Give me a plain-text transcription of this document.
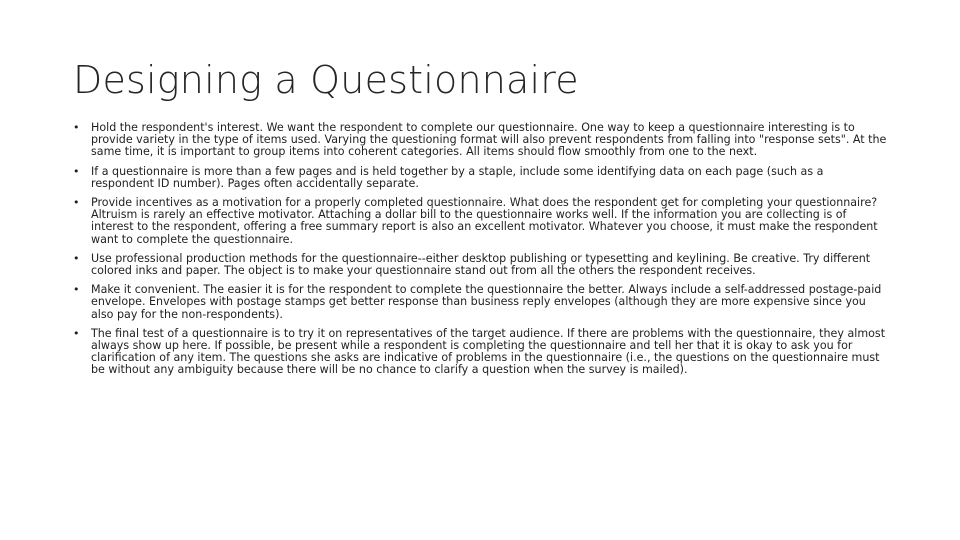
Designing a Questionnaire
• Hold the respondent's interest. We want the respondent to complete our questionnaire. One way to keep a questionnaire interesting is to provide variety in the type of items used. Varying the questioning format will also prevent respondents from falling into "response sets". At the same time, it is important to group items into coherent categories. All items should flow smoothly from one to the next.
• If a questionnaire is more than a few pages and is held together by a staple, include some identifying data on each page (such as a respondent ID number). Pages often accidentally separate.
• Provide incentives as a motivation for a properly completed questionnaire. What does the respondent get for completing your questionnaire? Altruism is rarely an effective motivator. Attaching a dollar bill to the questionnaire works well. If the information you are collecting is of interest to the respondent, offering a free summary report is also an excellent motivator. Whatever you choose, it must make the respondent want to complete the questionnaire.
• Use professional production methods for the questionnaire--either desktop publishing or typesetting and keylining. Be creative. Try different colored inks and paper. The object is to make your questionnaire stand out from all the others the respondent receives.
• Make it convenient. The easier it is for the respondent to complete the questionnaire the better. Always include a self-addressed postage-paid envelope. Envelopes with postage stamps get better response than business reply envelopes (although they are more expensive since you also pay for the non-respondents).
• The final test of a questionnaire is to try it on representatives of the target audience. If there are problems with the questionnaire, they almost always show up here. If possible, be present while a respondent is completing the questionnaire and tell her that it is okay to ask you for clarification of any item. The questions she asks are indicative of problems in the questionnaire (i.e., the questions on the questionnaire must be without any ambiguity because there will be no chance to clarify a question when the survey is mailed).
